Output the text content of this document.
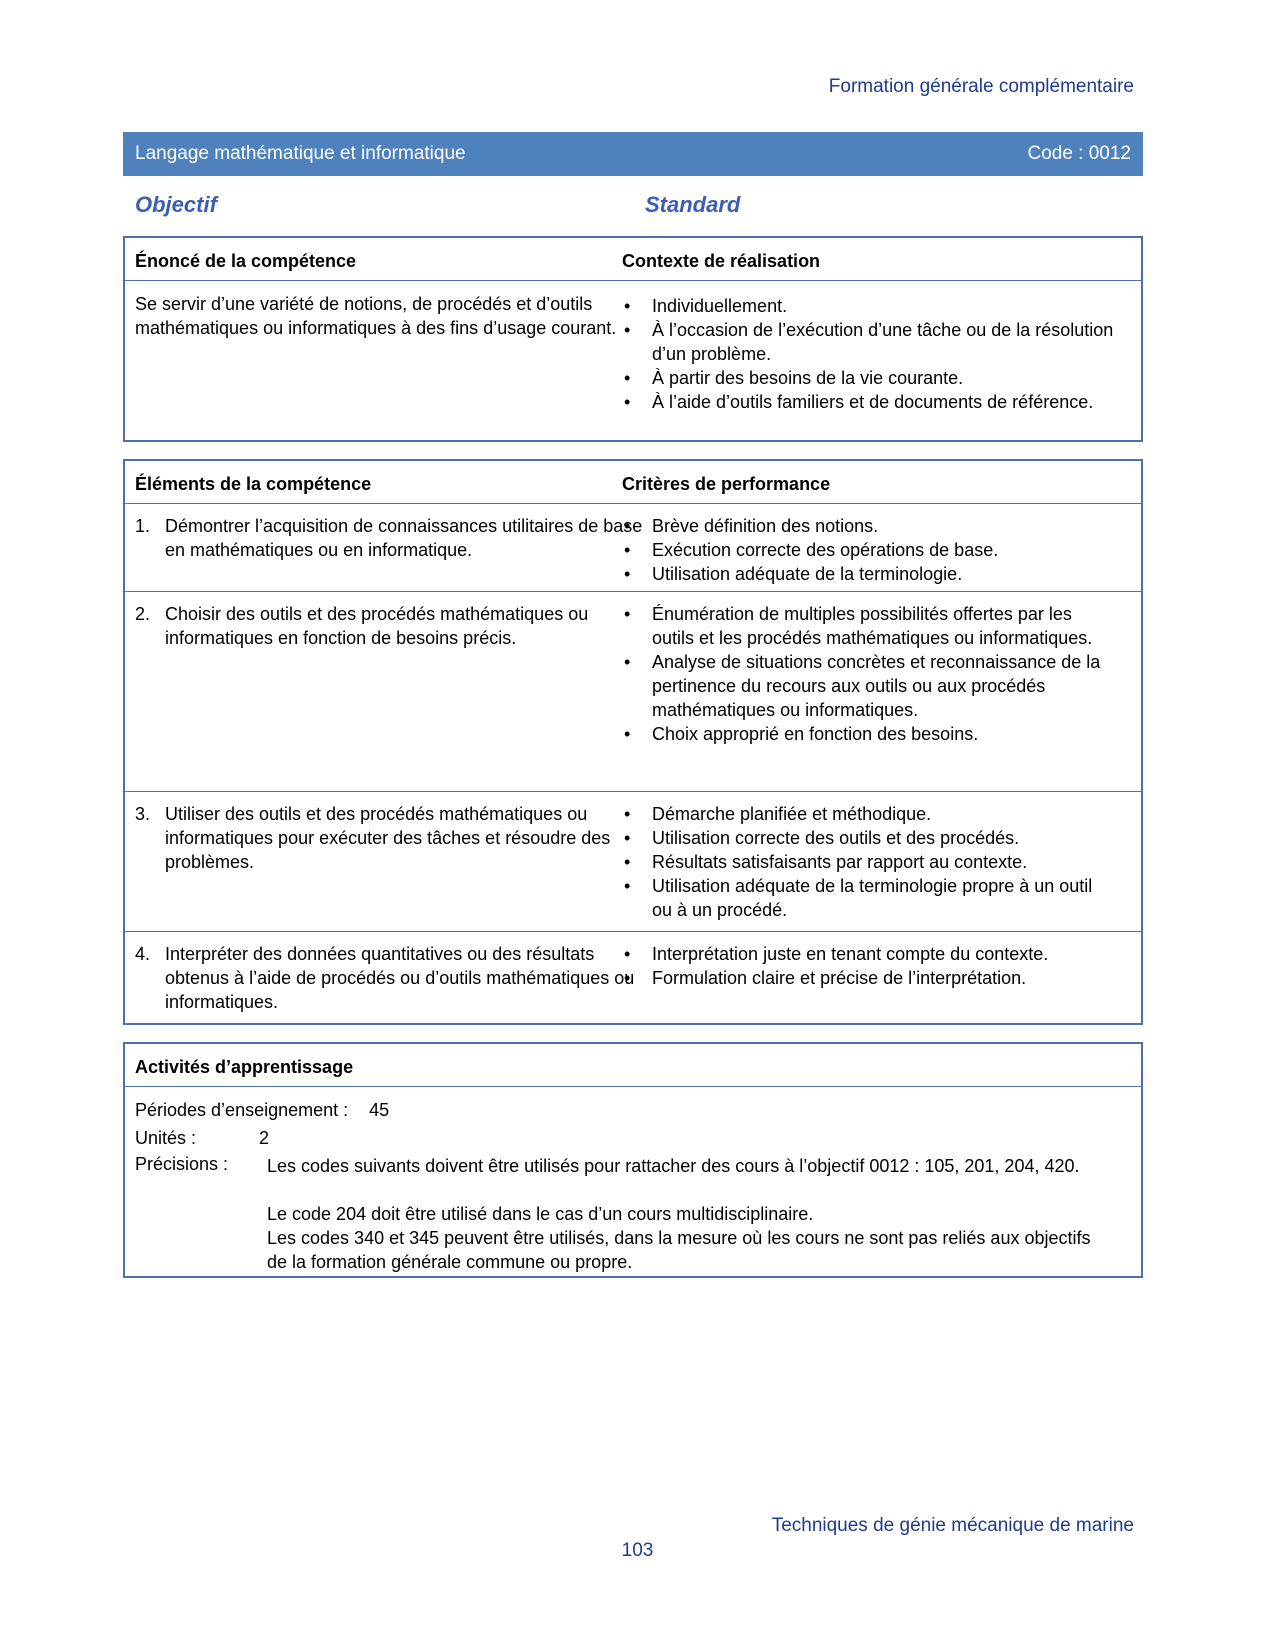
Formation générale complémentaire
Langage mathématique et informatique	Code : 0012
Objectif	Standard
Énoncé de la compétence	Contexte de réalisation
Se servir d’une variété de notions, de procédés et d’outils mathématiques ou informatiques à des fins d’usage courant.
• Individuellement.
• À l’occasion de l’exécution d’une tâche ou de la résolution d’un problème.
• À partir des besoins de la vie courante.
• À l’aide d’outils familiers et de documents de référence.
Éléments de la compétence	Critères de performance
1. Démontrer l’acquisition de connaissances utilitaires de base en mathématiques ou en informatique.
• Brève définition des notions.
• Exécution correcte des opérations de base.
• Utilisation adéquate de la terminologie.
2. Choisir des outils et des procédés mathématiques ou informatiques en fonction de besoins précis.
• Énumération de multiples possibilités offertes par les outils et les procédés mathématiques ou informatiques.
• Analyse de situations concrètes et reconnaissance de la pertinence du recours aux outils ou aux procédés mathématiques ou informatiques.
• Choix approprié en fonction des besoins.
3. Utiliser des outils et des procédés mathématiques ou informatiques pour exécuter des tâches et résoudre des problèmes.
• Démarche planifiée et méthodique.
• Utilisation correcte des outils et des procédés.
• Résultats satisfaisants par rapport au contexte.
• Utilisation adéquate de la terminologie propre à un outil ou à un procédé.
4. Interpréter des données quantitatives ou des résultats obtenus à l’aide de procédés ou d’outils mathématiques ou informatiques.
• Interprétation juste en tenant compte du contexte.
• Formulation claire et précise de l’interprétation.
Activités d’apprentissage
Périodes d’enseignement : 45
Unités :	2
Précisions : Les codes suivants doivent être utilisés pour rattacher des cours à l’objectif 0012 : 105, 201, 204, 420.
Le code 204 doit être utilisé dans le cas d’un cours multidisciplinaire.
Les codes 340 et 345 peuvent être utilisés, dans la mesure où les cours ne sont pas reliés aux objectifs de la formation générale commune ou propre.
Techniques de génie mécanique de marine
103
